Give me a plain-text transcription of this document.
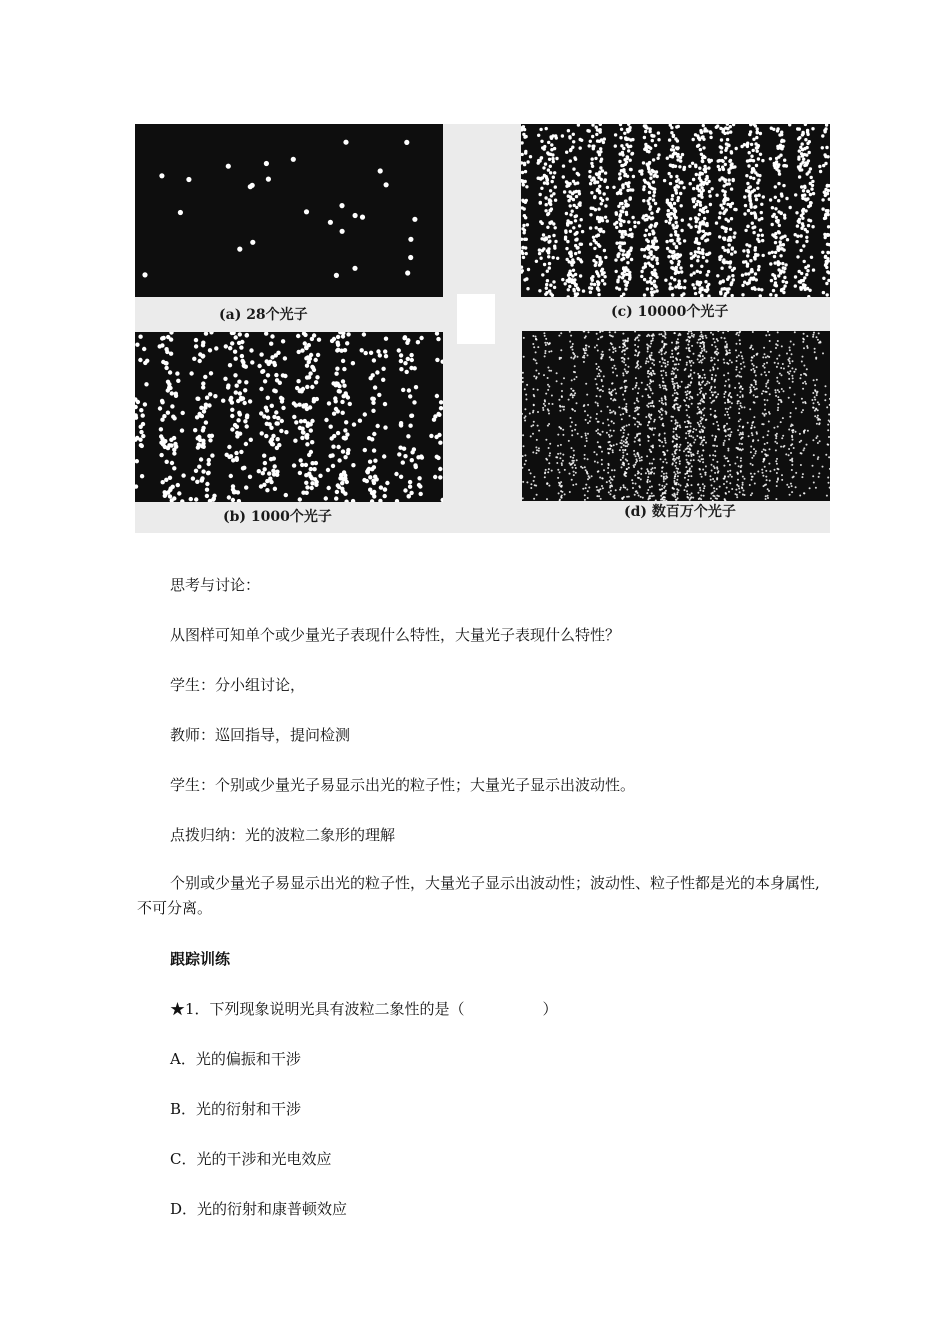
(a) 28个光子	(c) 10000个光子
(b) 1000个光子	(d) 数百万个光子
思考与讨论：
从图样可知单个或少量光子表现什么特性，大量光子表现什么特性？
学生：分小组讨论，
教师：巡回指导，提问检测
学生：个别或少量光子易显示出光的粒子性；大量光子显示出波动性。
点拨归纳：光的波粒二象形的理解
个别或少量光子易显示出光的粒子性，大量光子显示出波动性；波动性、粒子性都是光的本身属性,不可分离。
跟踪训练
★1．下列现象说明光具有波粒二象性的是（	）
A．光的偏振和干涉
B．光的衍射和干涉
C．光的干涉和光电效应
D．光的衍射和康普顿效应
